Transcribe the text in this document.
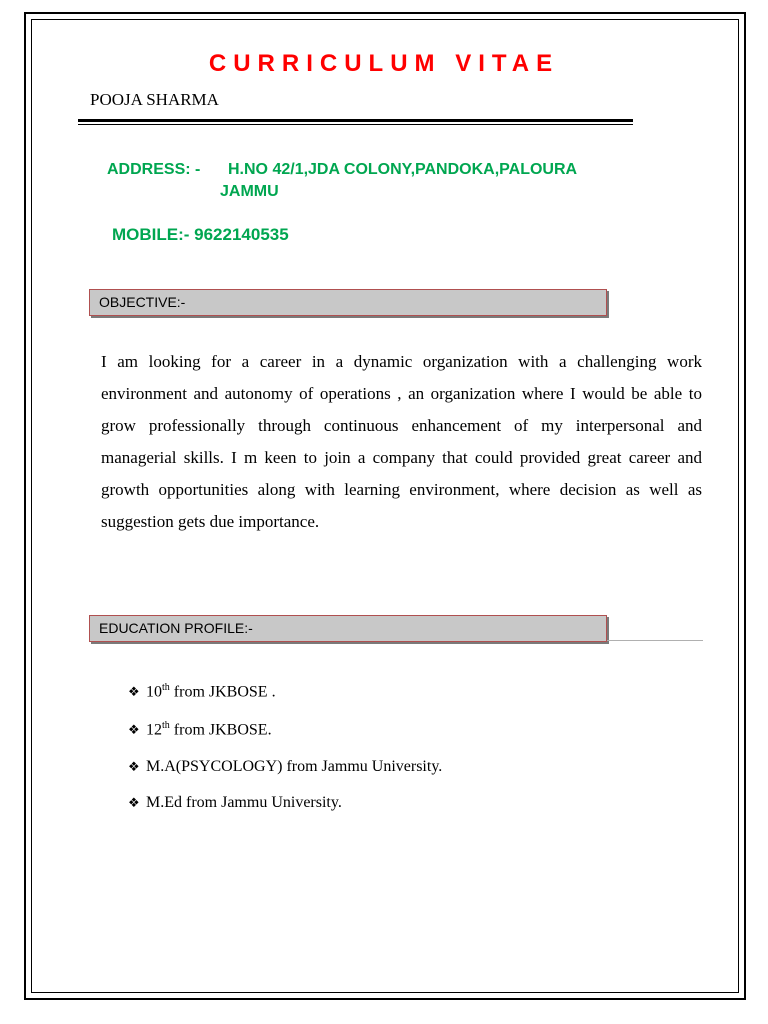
CURRICULUM VITAE
POOJA SHARMA
ADDRESS: - H.NO 42/1,JDA COLONY,PANDOKA,PALOURA
JAMMU
MOBILE:- 9622140535
OBJECTIVE:-

I am looking for a career in a dynamic organization with a challenging work environment and autonomy of operations , an organization where I would be able to grow professionally through continuous enhancement of my interpersonal and managerial skills. I m keen to join a company that could provided great career and growth opportunities along with learning environment, where decision as well as suggestion gets due importance.

EDUCATION PROFILE:-
❖ 10th from JKBOSE .
❖ 12th from JKBOSE.
❖ M.A(PSYCOLOGY) from Jammu University.
❖ M.Ed from Jammu University.
